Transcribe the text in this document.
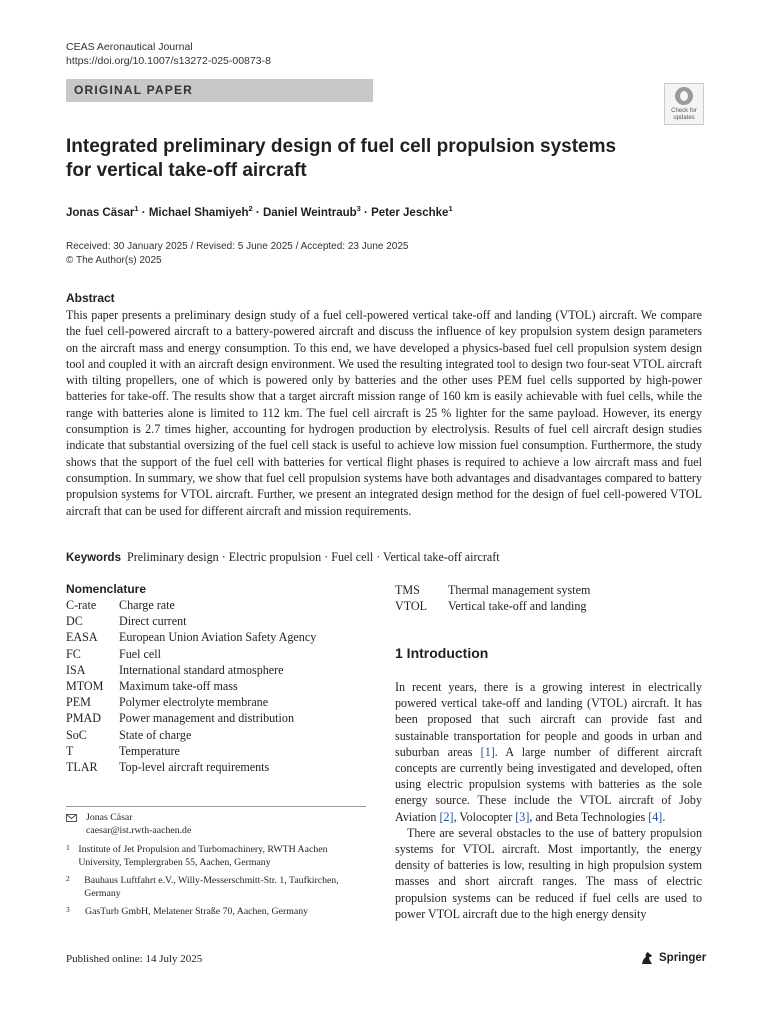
CEAS Aeronautical Journal
https://doi.org/10.1007/s13272-025-00873-8
ORIGINAL PAPER
Check for
updates
Integrated preliminary design of fuel cell propulsion systems
for vertical take-off aircraft
Jonas Cäsar$^1$ · Michael Shamiyeh$^2$ · Daniel Weintraub$^3$ · Peter Jeschke$^1$
Received: 30 January 2025 / Revised: 5 June 2025 / Accepted: 23 June 2025
© The Author(s) 2025
Abstract
This paper presents a preliminary design study of a fuel cell-powered vertical take-off and landing (VTOL) aircraft. We compare the fuel cell-powered aircraft to a battery-powered aircraft and discuss the influence of key propulsion system design parameters on the aircraft mass and energy consumption. To this end, we have developed a physics-based fuel cell propulsion system design tool and coupled it with an aircraft design environment. We used the resulting integrated tool to design two four-seat VTOL aircraft with tilting propellers, one of which is powered only by batteries and the other uses PEM fuel cells supported by high-power batteries for take-off. The results show that a target aircraft mission range of 160 km is easily achievable with fuel cells, while the range with batteries alone is limited to 112 km. The fuel cell aircraft is 25 % lighter for the same payload. However, its energy consumption is 2.7 times higher, accounting for hydrogen production by electrolysis. Results of fuel cell aircraft design studies indicate that substantial oversizing of the fuel cell stack is useful to achieve low mission fuel consumption. Furthermore, the study shows that the support of the fuel cell with batteries for vertical flight phases is required to achieve a low aircraft mass and fuel consumption. In summary, we show that fuel cell propulsion systems have both advantages and disadvantages compared to battery propulsion systems for VTOL aircraft. Further, we present an integrated design method for the design of fuel cell-powered VTOL aircraft that can be used for different aircraft and mission requirements.
Keywords Preliminary design · Electric propulsion · Fuel cell · Vertical take-off aircraft
Nomenclature
C-rate	Charge rate
DC	Direct current
EASA	European Union Aviation Safety Agency
FC	Fuel cell
ISA	International standard atmosphere
MTOM	Maximum take-off mass
PEM	Polymer electrolyte membrane
PMAD	Power management and distribution
SoC	State of charge
T	Temperature
TLAR	Top-level aircraft requirements
TMS	Thermal management system
VTOL	Vertical take-off and landing
1 Introduction

In recent years, there is a growing interest in electrically powered vertical take-off and landing (VTOL) aircraft. It has been proposed that such aircraft can provide fast and sustainable transportation for people and goods in urban and suburban areas [1]. A large number of different aircraft concepts are currently being investigated and developed, often using electric propulsion systems with batteries as the sole energy source. These include the VTOL aircraft of Joby Aviation [2], Volocopter [3], and Beta Technologies [4].

There are several obstacles to the use of battery propulsion systems for VTOL aircraft. Most importantly, the energy density of batteries is low, resulting in high propulsion system masses and short aircraft ranges. The mass of electric propulsion systems can be reduced if fuel cells are used to power VTOL aircraft due to the high energy density

Jonas Cäsar
caesar@ist.rwth-aachen.de
1 Institute of Jet Propulsion and Turbomachinery, RWTH Aachen University, Templergraben 55, Aachen, Germany
2	Bauhaus Luftfahrt e.V., Willy-Messerschmitt-Str. 1, Taufkirchen, Germany
3	GasTurb GmbH, Melatener Straße 70, Aachen, Germany
Published online: 14 July 2025	Springer
